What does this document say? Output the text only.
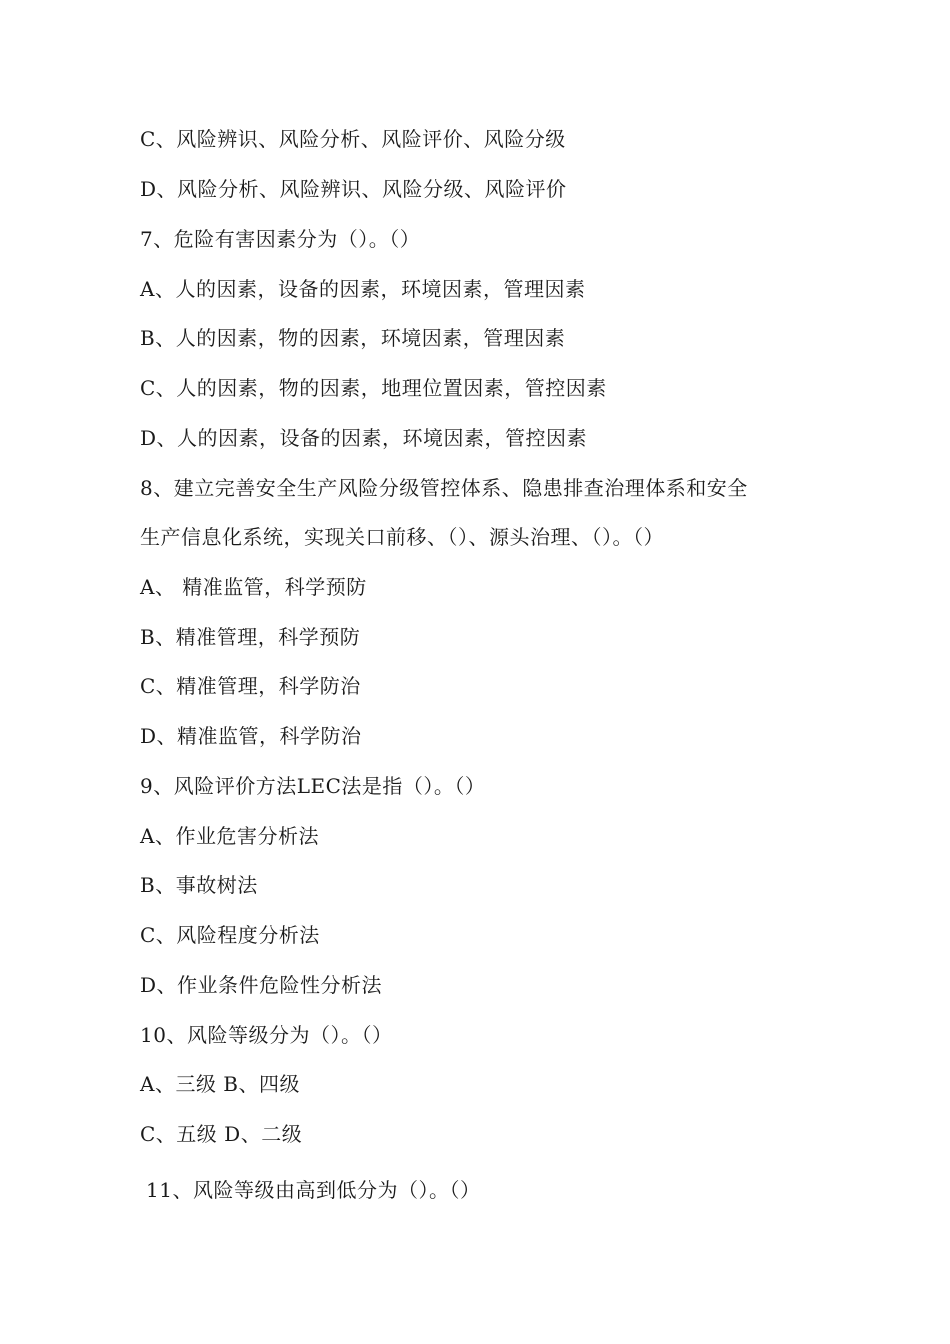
C、风险辨识、风险分析、风险评价、风险分级
D、风险分析、风险辨识、风险分级、风险评价
7、危险有害因素分为（）。（）
A、人的因素，设备的因素，环境因素，管理因素
B、人的因素，物的因素，环境因素，管理因素
C、人的因素，物的因素，地理位置因素，管控因素
D、人的因素，设备的因素，环境因素，管控因素
8、建立完善安全生产风险分级管控体系、隐患排查治理体系和安全
生产信息化系统，实现关口前移、（）、源头治理、（）。（）
A、 精准监管，科学预防
B、精准管理，科学预防
C、精准管理，科学防治
D、精准监管，科学防治
9、风险评价方法LEC法是指（）。（）
A、作业危害分析法
B、事故树法
C、风险程度分析法
D、作业条件危险性分析法
10、风险等级分为（）。（）
A、三级 B、四级
C、五级 D、二级
11、风险等级由高到低分为（）。（）
